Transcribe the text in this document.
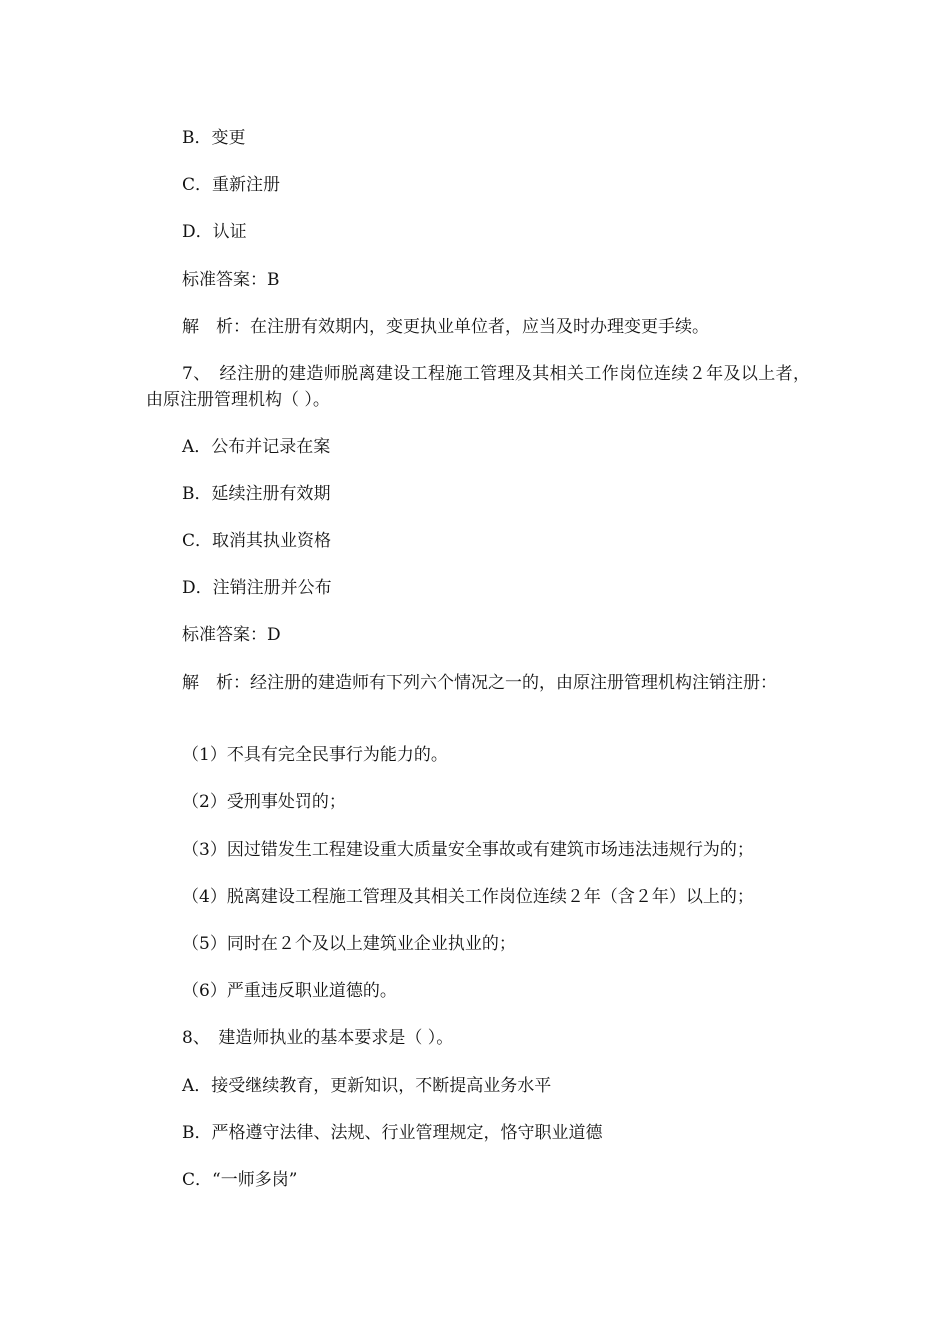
B．变更

C．重新注册

D．认证

标准答案：B

解　析：在注册有效期内，变更执业单位者，应当及时办理变更手续。

7、　经注册的建造师脱离建设工程施工管理及其相关工作岗位连续２年及以上者，由原注册管理机构（ ）。

A．公布并记录在案

B．延续注册有效期

C．取消其执业资格

D．注销注册并公布

标准答案：D

解　析：经注册的建造师有下列六个情况之一的，由原注册管理机构注销注册：

（1）不具有完全民事行为能力的。

（2）受刑事处罚的；

（3）因过错发生工程建设重大质量安全事故或有建筑市场违法违规行为的；

（4）脱离建设工程施工管理及其相关工作岗位连续２年（含２年）以上的；

（5）同时在２个及以上建筑业企业执业的；

（6）严重违反职业道德的。

8、　建造师执业的基本要求是（ ）。

A．接受继续教育，更新知识，不断提高业务水平

B．严格遵守法律、法规、行业管理规定，恪守职业道德

C．“一师多岗”
